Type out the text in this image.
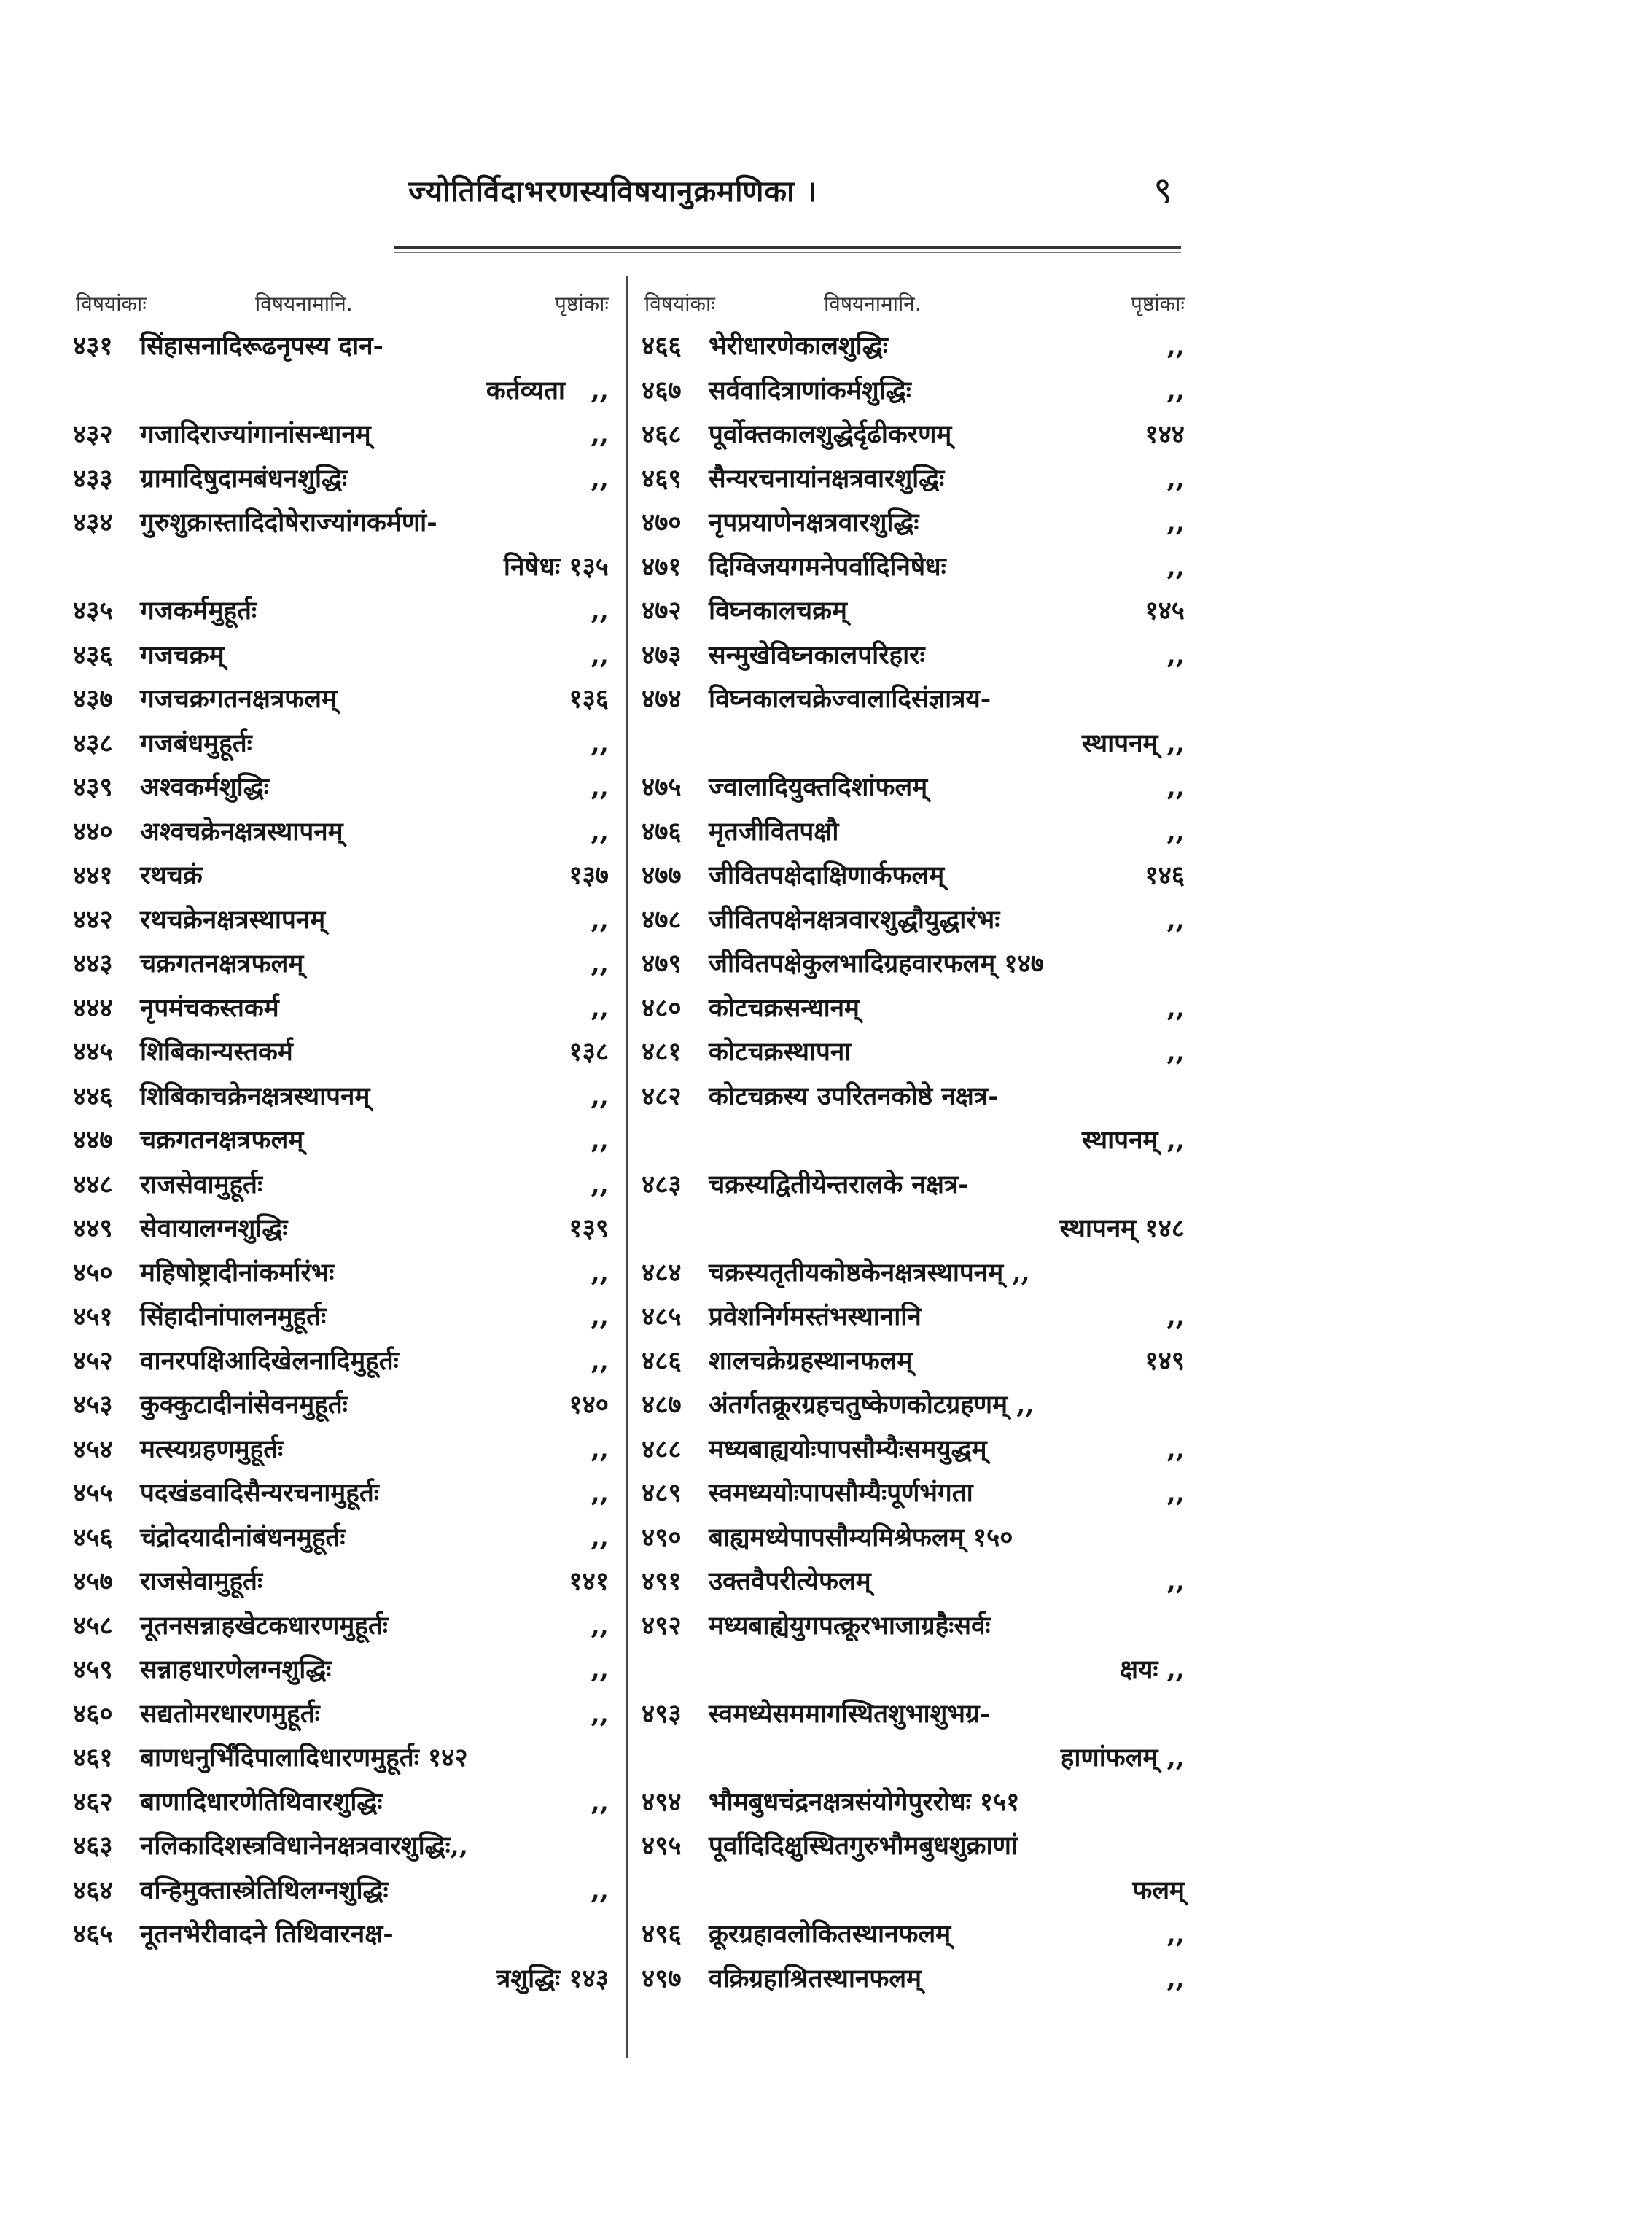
ज्योतिर्विदाभरणस्यविषयानुक्रमणिका ।	९
विषयांकाः	विषयनामानि.	पृष्ठांकाः
४३१ सिंहासनादिरूढनृपस्य दान-
कर्तव्यता ,,
४३२ गजादिराज्यांगानांसन्धानम्	,,
४३३ ग्रामादिषुदामबंधनशुद्धिः	,,
४३४ गुरुशुक्रास्तादिदोषेराज्यांगकर्मणां-
निषेधः १३५
४३५ गजकर्ममुहूर्तः	,,
४३६ गजचक्रम्	,,
४३७ गजचक्रगतनक्षत्रफलम्	१३६
४३८ गजबंधमुहूर्तः	,,
४३९ अश्वकर्मशुद्धिः	,,
४४० अश्वचक्रेनक्षत्रस्थापनम्	,,
४४१ रथचक्रं	१३७
४४२ रथचक्रेनक्षत्रस्थापनम्	,,
४४३ चक्रगतनक्षत्रफलम्	,,
४४४ नृपमंचकस्तकर्म	,,
४४५ शिबिकान्यस्तकर्म	१३८
४४६ शिबिकाचक्रेनक्षत्रस्थापनम्	,,
४४७ चक्रगतनक्षत्रफलम्	,,
४४८ राजसेवामुहूर्तः	,,
४४९ सेवायालग्नशुद्धिः	१३९
४५० महिषोष्ट्रादीनांकर्मारंभः	,,
४५१ सिंहादीनांपालनमुहूर्तः	,,
४५२ वानरपक्षिआदिखेलनादिमुहूर्तः	,,
४५३ कुक्कुटादीनांसेवनमुहूर्तः	१४०
४५४ मत्स्यग्रहणमुहूर्तः	,,
४५५ पदखंडवादिसैन्यरचनामुहूर्तः	,,
४५६ चंद्रोदयादीनांबंधनमुहूर्तः	,,
४५७ राजसेवामुहूर्तः	१४१
४५८ नूतनसन्नाहखेटकधारणमुहूर्तः	,,
४५९ सन्नाहधारणेलग्नशुद्धिः	,,
४६० सद्यतोमरधारणमुहूर्तः	,,
४६१ बाणधनुर्भिंदिपालादिधारणमुहूर्तः १४२
४६२ बाणादिधारणेतिथिवारशुद्धिः	,,
४६३ नलिकादिशस्त्रविधानेनक्षत्रवारशुद्धिः,,
४६४ वन्हिमुक्तास्त्रेतिथिलग्नशुद्धिः	,,
४६५ नूतनभेरीवादने तिथिवारनक्ष-
त्रशुद्धिः १४३
विषयांकाः	विषयनामानि.	पृष्ठांकाः
४६६ भेरीधारणेकालशुद्धिः	,,
४६७ सर्ववादित्राणांकर्मशुद्धिः	,,
४६८ पूर्वोक्तकालशुद्धेर्दृढीकरणम्	१४४
४६९ सैन्यरचनायांनक्षत्रवारशुद्धिः	,,
४७० नृपप्रयाणेनक्षत्रवारशुद्धिः	,,
४७१ दिग्विजयगमनेपर्वादिनिषेधः	,,
४७२ विघ्नकालचक्रम्	१४५
४७३ सन्मुखेविघ्नकालपरिहारः	,,
४७४ विघ्नकालचक्रेज्वालादिसंज्ञात्रय-
स्थापनम् ,,
४७५ ज्वालादियुक्तदिशांफलम्	,,
४७६ मृतजीवितपक्षौ	,,
४७७ जीवितपक्षेदाक्षिणार्कफलम्	१४६
४७८ जीवितपक्षेनक्षत्रवारशुद्धौयुद्धारंभः	,,
४७९ जीवितपक्षेकुलभादिग्रहवारफलम् १४७
४८० कोटचक्रसन्धानम्	,,
४८१ कोटचक्रस्थापना	,,
४८२ कोटचक्रस्य उपरितनकोष्ठे नक्षत्र-
स्थापनम् ,,
४८३ चक्रस्यद्वितीयेन्तरालके नक्षत्र-
स्थापनम् १४८
४८४ चक्रस्यतृतीयकोष्ठकेनक्षत्रस्थापनम् ,,
४८५ प्रवेशनिर्गमस्तंभस्थानानि	,,
४८६ शालचक्रेग्रहस्थानफलम्	१४९
४८७ अंतर्गतक्रूरग्रहचतुष्केणकोटग्रहणम् ,,
४८८ मध्यबाह्ययोःपापसौम्यैःसमयुद्धम्	,,
४८९ स्वमध्ययोःपापसौम्यैःपूर्णभंगता	,,
४९० बाह्यमध्येपापसौम्यमिश्रेफलम् १५०
४९१ उक्तवैपरीत्येफलम्	,,
४९२ मध्यबाह्येयुगपत्क्रूरभाजाग्रहैःसर्वः
क्षयः ,,
४९३ स्वमध्येसममागस्थितशुभाशुभग्र-
हाणांफलम् ,,
४९४ भौमबुधचंद्रनक्षत्रसंयोगेपुररोधः १५१
४९५ पूर्वादिदिक्षुस्थितगुरुभौमबुधशुक्राणां
फलम्
४९६ क्रूरग्रहावलोकितस्थानफलम्	,,
४९७ वक्रिग्रहाश्रितस्थानफलम्	,,
